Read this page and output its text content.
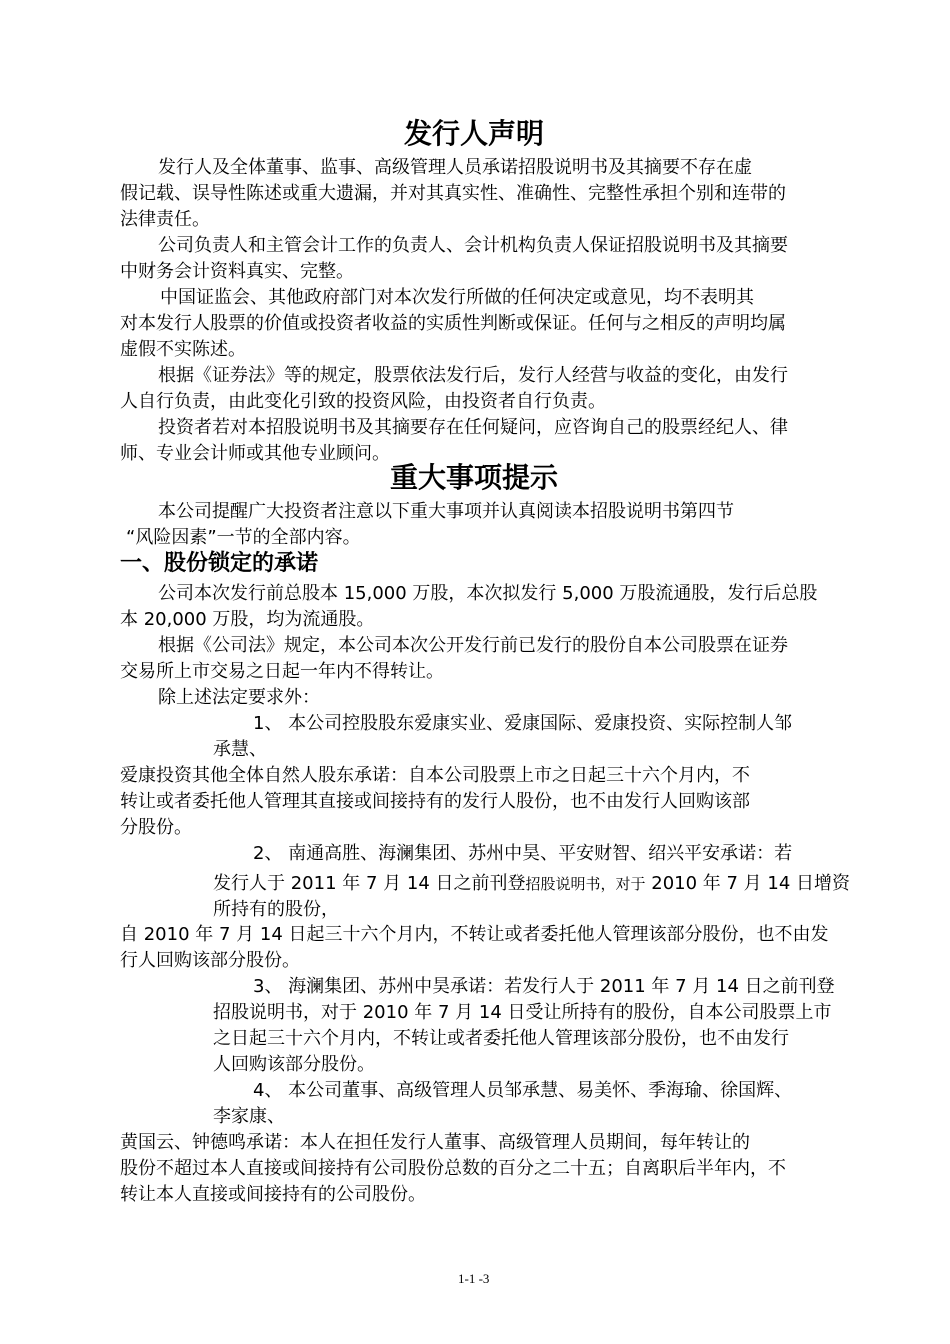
发行人声明

发行人及全体董事、监事、高级管理人员承诺招股说明书及其摘要不存在虚

假记载、误导性陈述或重大遗漏，并对其真实性、准确性、完整性承担个别和连带的

法律责任。

公司负责人和主管会计工作的负责人、会计机构负责人保证招股说明书及其摘要

中财务会计资料真实、完整。

中国证监会、其他政府部门对本次发行所做的任何决定或意见，均不表明其

对本发行人股票的价值或投资者收益的实质性判断或保证。任何与之相反的声明均属

虚假不实陈述。

根据《证券法》等的规定，股票依法发行后，发行人经营与收益的变化，由发行

人自行负责，由此变化引致的投资风险，由投资者自行负责。

投资者若对本招股说明书及其摘要存在任何疑问，应咨询自己的股票经纪人、律

师、专业会计师或其他专业顾问。

重大事项提示

本公司提醒广大投资者注意以下重大事项并认真阅读本招股说明书第四节

“风险因素”一节的全部内容。

一、股份锁定的承诺

公司本次发行前总股本 15,000 万股，本次拟发行 5,000 万股流通股，发行后总股

本 20,000 万股，均为流通股。

根据《公司法》规定，本公司本次公开发行前已发行的股份自本公司股票在证券

交易所上市交易之日起一年内不得转让。

除上述法定要求外：

1、 本公司控股股东爱康实业、爱康国际、爱康投资、实际控制人邹

承慧、

爱康投资其他全体自然人股东承诺：自本公司股票上市之日起三十六个月内，不

转让或者委托他人管理其直接或间接持有的发行人股份，也不由发行人回购该部

分股份。

2、 南通高胜、海澜集团、苏州中昊、平安财智、绍兴平安承诺：若

发行人于 2011 年 7 月 14 日之前刊登招股说明书，对于 2010 年 7 月 14 日增资

所持有的股份，

自 2010 年 7 月 14 日起三十六个月内，不转让或者委托他人管理该部分股份，也不由发

行人回购该部分股份。

3、 海澜集团、苏州中昊承诺：若发行人于 2011 年 7 月 14 日之前刊登

招股说明书，对于 2010 年 7 月 14 日受让所持有的股份，自本公司股票上市

之日起三十六个月内，不转让或者委托他人管理该部分股份，也不由发行

人回购该部分股份。

4、 本公司董事、高级管理人员邹承慧、易美怀、季海瑜、徐国辉、

李家康、

黄国云、钟德鸣承诺：本人在担任发行人董事、高级管理人员期间，每年转让的

股份不超过本人直接或间接持有公司股份总数的百分之二十五；自离职后半年内，不

转让本人直接或间接持有的公司股份。

1-1 -3
